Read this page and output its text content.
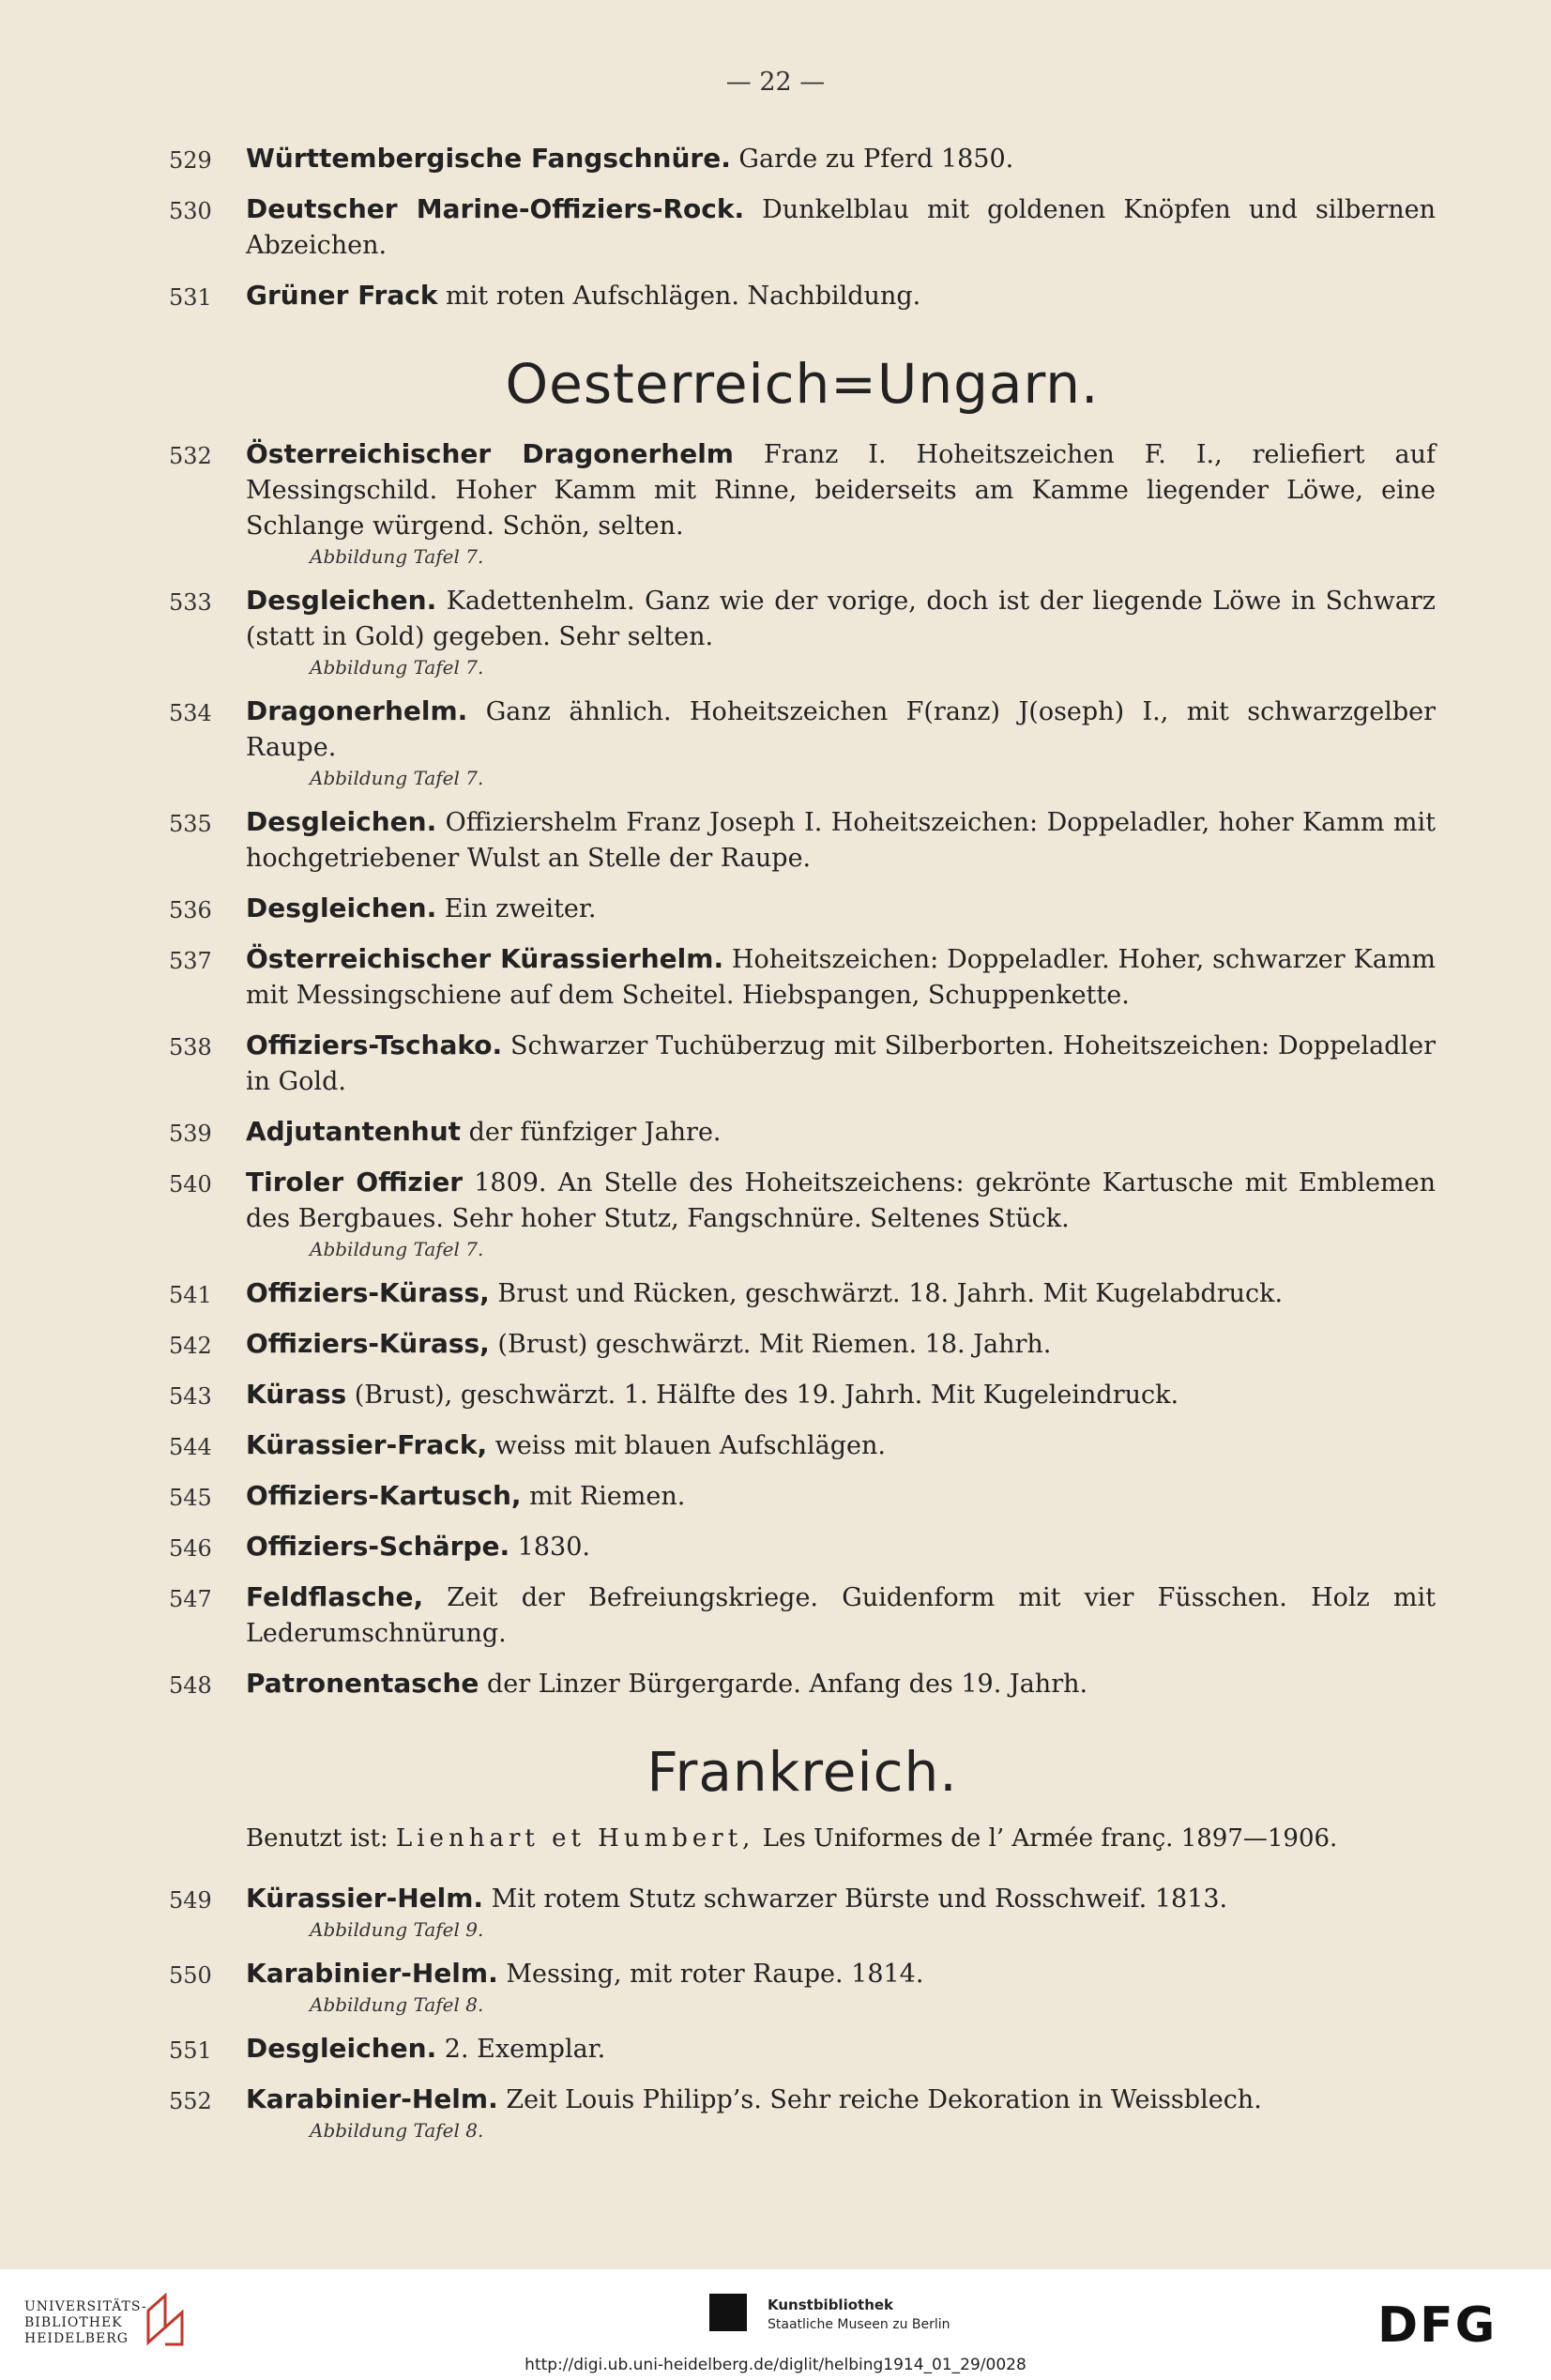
— 22 —
529	Württembergische Fangschnüre. Garde zu Pferd 1850.
530	Deutscher Marine-Offiziers-Rock. Dunkelblau mit goldenen Knöpfen und silbernen Abzeichen.
531	Grüner Frack mit roten Aufschlägen. Nachbildung.
Oesterreich=Ungarn.
532	Österreichischer Dragonerhelm Franz I. Hoheitszeichen F. I., reliefiert auf Messingschild. Hoher Kamm mit Rinne, beiderseits am Kamme liegender Löwe, eine Schlange würgend. Schön, selten.
Abbildung Tafel 7.
533	Desgleichen. Kadettenhelm. Ganz wie der vorige, doch ist der liegende Löwe in Schwarz (statt in Gold) gegeben. Sehr selten.
Abbildung Tafel 7.
534	Dragonerhelm. Ganz ähnlich. Hoheitszeichen F(ranz) J(oseph) I., mit schwarzgelber Raupe.
Abbildung Tafel 7.
535	Desgleichen. Offiziershelm Franz Joseph I. Hoheitszeichen: Doppeladler, hoher Kamm mit hochgetriebener Wulst an Stelle der Raupe.
536	Desgleichen. Ein zweiter.
537	Österreichischer Kürassierhelm. Hoheitszeichen: Doppeladler. Hoher, schwarzer Kamm mit Messingschiene auf dem Scheitel. Hiebspangen, Schuppenkette.
538	Offiziers-Tschako. Schwarzer Tuchüberzug mit Silberborten. Hoheitszeichen: Doppeladler in Gold.
539	Adjutantenhut der fünfziger Jahre.
540	Tiroler Offizier 1809. An Stelle des Hoheitszeichens: gekrönte Kartusche mit Emblemen des Bergbaues. Sehr hoher Stutz, Fangschnüre. Seltenes Stück.
Abbildung Tafel 7.
541	Offiziers-Kürass, Brust und Rücken, geschwärzt. 18. Jahrh. Mit Kugelabdruck.
542	Offiziers-Kürass, (Brust) geschwärzt. Mit Riemen. 18. Jahrh.
543	Kürass (Brust), geschwärzt. 1. Hälfte des 19. Jahrh. Mit Kugeleindruck.
544	Kürassier-Frack, weiss mit blauen Aufschlägen.
545	Offiziers-Kartusch, mit Riemen.
546	Offiziers-Schärpe. 1830.
547	Feldflasche, Zeit der Befreiungskriege. Guidenform mit vier Füsschen. Holz mit Lederumschnürung.
548	Patronentasche der Linzer Bürgergarde. Anfang des 19. Jahrh.
Frankreich.
Benutzt ist: Lienhart et Humbert, Les Uniformes de l’ Armée franç. 1897—1906.
549	Kürassier-Helm. Mit rotem Stutz schwarzer Bürste und Rosschweif. 1813.
Abbildung Tafel 9.
550	Karabinier-Helm. Messing, mit roter Raupe. 1814.
Abbildung Tafel 8.
551	Desgleichen. 2. Exemplar.
552	Karabinier-Helm. Zeit Louis Philipp’s. Sehr reiche Dekoration in Weissblech.
Abbildung Tafel 8.
UNIVERSITÄTS-
BIBLIOTHEK
HEIDELBERG
Kunstbibliothek
Staatliche Museen zu Berlin	DFG
http://digi.ub.uni-heidelberg.de/diglit/helbing1914_01_29/0028
